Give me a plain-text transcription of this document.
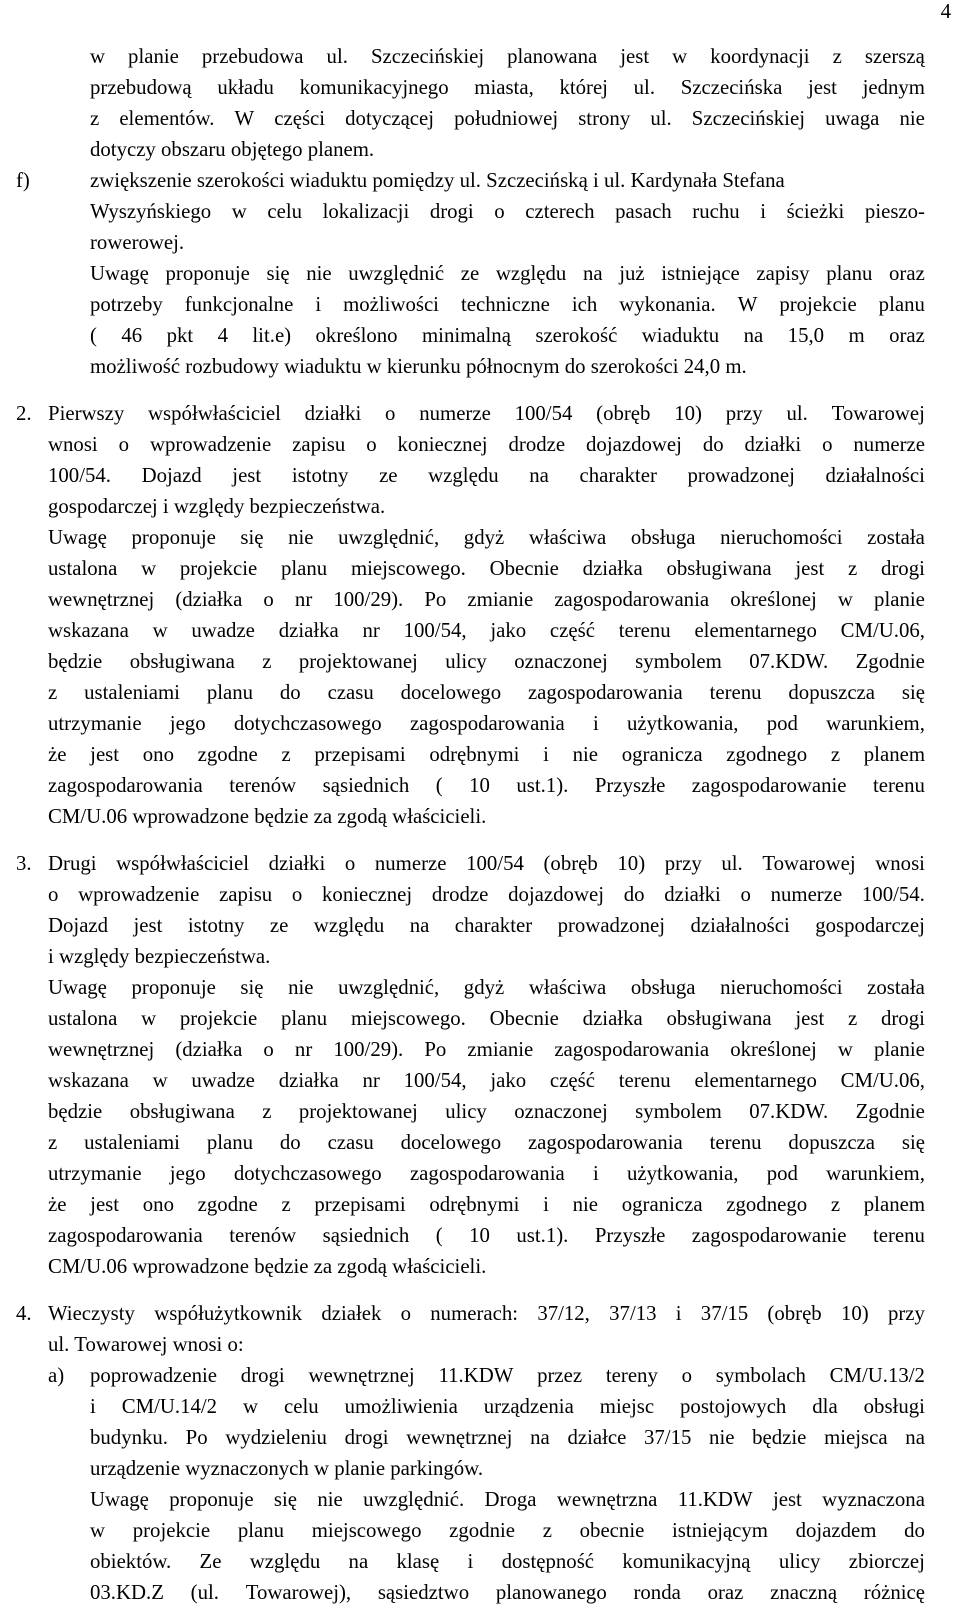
4
w planie przebudowa ul. Szczecińskiej planowana jest w koordynacji z szerszą
przebudową układu komunikacyjnego miasta, której ul. Szczecińska jest jednym
z elementów. W części dotyczącej południowej strony ul. Szczecińskiej uwaga nie
dotyczy obszaru objętego planem.
f)	zwiększenie szerokości wiaduktu pomiędzy ul. Szczecińską i ul. Kardynała Stefana
Wyszyńskiego w celu lokalizacji drogi o czterech pasach ruchu i ścieżki pieszo-
rowerowej.
Uwagę proponuje się nie uwzględnić ze względu na już istniejące zapisy planu oraz
potrzeby funkcjonalne i możliwości techniczne ich wykonania. W projekcie planu
( 46 pkt 4 lit.e) określono minimalną szerokość wiaduktu na 15,0 m oraz
możliwość rozbudowy wiaduktu w kierunku północnym do szerokości 24,0 m.
2. Pierwszy współwłaściciel działki o numerze 100/54 (obręb 10) przy ul. Towarowej
wnosi o wprowadzenie zapisu o koniecznej drodze dojazdowej do działki o numerze
100/54. Dojazd jest istotny ze względu na charakter prowadzonej działalności
gospodarczej i względy bezpieczeństwa.
Uwagę proponuje się nie uwzględnić, gdyż właściwa obsługa nieruchomości została
ustalona w projekcie planu miejscowego. Obecnie działka obsługiwana jest z drogi
wewnętrznej (działka o nr 100/29). Po zmianie zagospodarowania określonej w planie
wskazana w uwadze działka nr 100/54, jako część terenu elementarnego CM/U.06,
będzie obsługiwana z projektowanej ulicy oznaczonej symbolem 07.KDW. Zgodnie
z ustaleniami planu do czasu docelowego zagospodarowania terenu dopuszcza się
utrzymanie jego dotychczasowego zagospodarowania i użytkowania, pod warunkiem,
że jest ono zgodne z przepisami odrębnymi i nie ogranicza zgodnego z planem
zagospodarowania terenów sąsiednich ( 10 ust.1). Przyszłe zagospodarowanie terenu
CM/U.06 wprowadzone będzie za zgodą właścicieli.
3. Drugi współwłaściciel działki o numerze 100/54 (obręb 10) przy ul. Towarowej wnosi
o wprowadzenie zapisu o koniecznej drodze dojazdowej do działki o numerze 100/54.
Dojazd jest istotny ze względu na charakter prowadzonej działalności gospodarczej
i względy bezpieczeństwa.
Uwagę proponuje się nie uwzględnić, gdyż właściwa obsługa nieruchomości została
ustalona w projekcie planu miejscowego. Obecnie działka obsługiwana jest z drogi
wewnętrznej (działka o nr 100/29). Po zmianie zagospodarowania określonej w planie
wskazana w uwadze działka nr 100/54, jako część terenu elementarnego CM/U.06,
będzie obsługiwana z projektowanej ulicy oznaczonej symbolem 07.KDW. Zgodnie
z ustaleniami planu do czasu docelowego zagospodarowania terenu dopuszcza się
utrzymanie jego dotychczasowego zagospodarowania i użytkowania, pod warunkiem,
że jest ono zgodne z przepisami odrębnymi i nie ogranicza zgodnego z planem
zagospodarowania terenów sąsiednich ( 10 ust.1). Przyszłe zagospodarowanie terenu
CM/U.06 wprowadzone będzie za zgodą właścicieli.
4. Wieczysty współużytkownik działek o numerach: 37/12, 37/13 i 37/15 (obręb 10) przy
ul. Towarowej wnosi o:
a) poprowadzenie drogi wewnętrznej 11.KDW przez tereny o symbolach CM/U.13/2
i CM/U.14/2 w celu umożliwienia urządzenia miejsc postojowych dla obsługi
budynku. Po wydzieleniu drogi wewnętrznej na działce 37/15 nie będzie miejsca na
urządzenie wyznaczonych w planie parkingów.
Uwagę proponuje się nie uwzględnić. Droga wewnętrzna 11.KDW jest wyznaczona
w projekcie planu miejscowego zgodnie z obecnie istniejącym dojazdem do
obiektów. Ze względu na klasę i dostępność komunikacyjną ulicy zbiorczej
03.KD.Z (ul. Towarowej), sąsiedztwo planowanego ronda oraz znaczną różnicę
